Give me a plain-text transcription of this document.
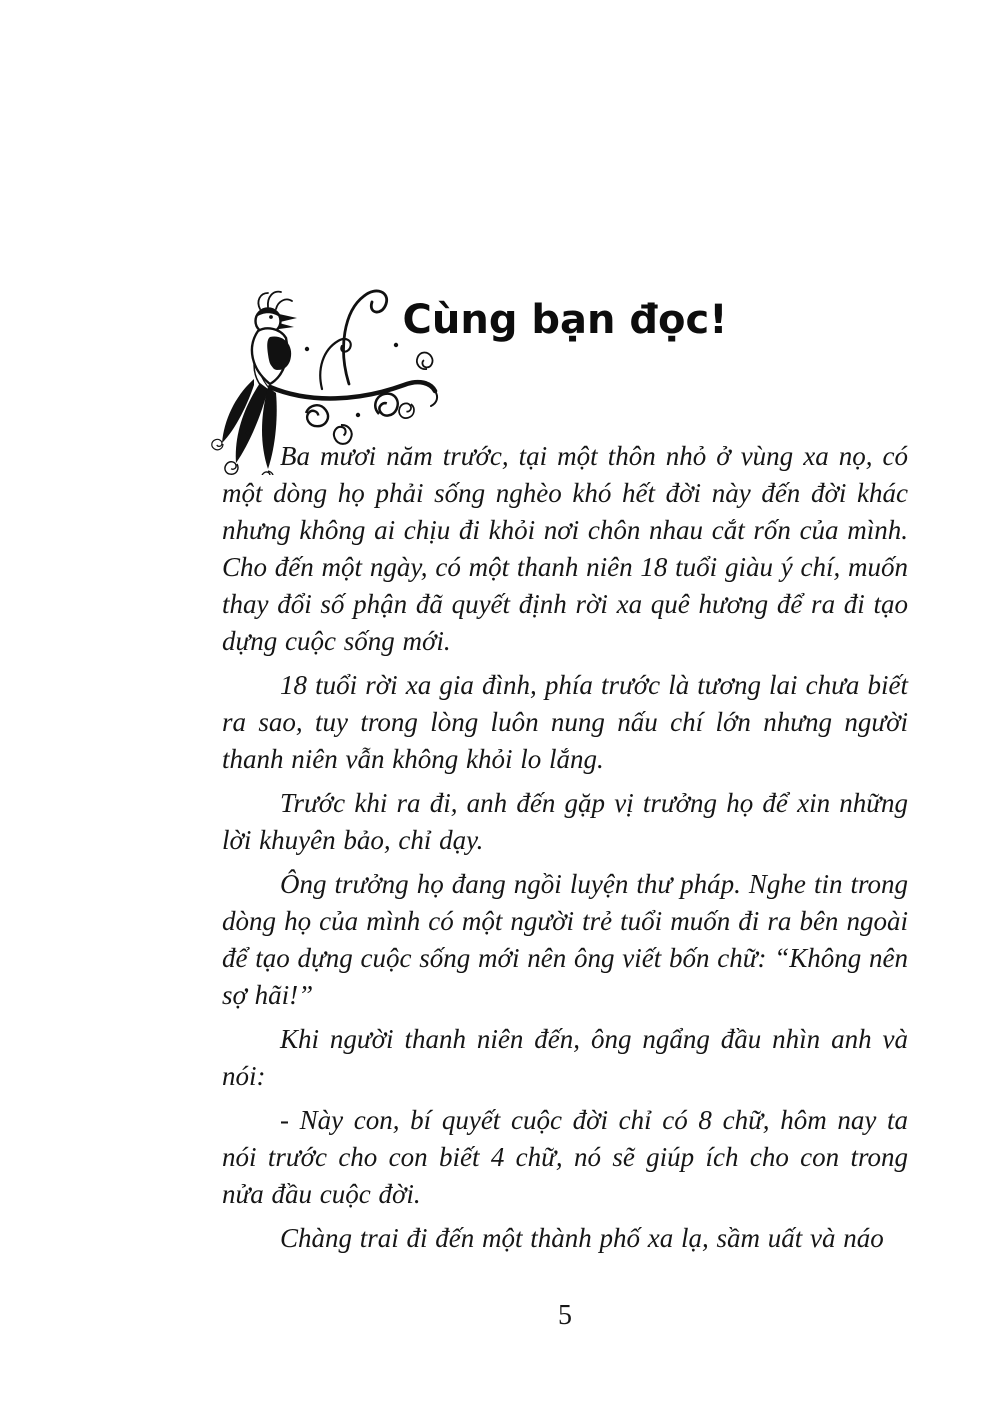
Cùng bạn đọc!

Ba mươi năm trước, tại một thôn nhỏ ở vùng xa nọ, có một dòng họ phải sống nghèo khó hết đời này đến đời khác nhưng không ai chịu đi khỏi nơi chôn nhau cắt rốn của mình. Cho đến một ngày, có một thanh niên 18 tuổi giàu ý chí, muốn thay đổi số phận đã quyết định rời xa quê hương để ra đi tạo dựng cuộc sống mới.

18 tuổi rời xa gia đình, phía trước là tương lai chưa biết ra sao, tuy trong lòng luôn nung nấu chí lớn nhưng người thanh niên vẫn không khỏi lo lắng.

Trước khi ra đi, anh đến gặp vị trưởng họ để xin những lời khuyên bảo, chỉ dạy.

Ông trưởng họ đang ngồi luyện thư pháp. Nghe tin trong dòng họ của mình có một người trẻ tuổi muốn đi ra bên ngoài để tạo dựng cuộc sống mới nên ông viết bốn chữ: “Không nên sợ hãi!”

Khi người thanh niên đến, ông ngẩng đầu nhìn anh và nói:

- Này con, bí quyết cuộc đời chỉ có 8 chữ, hôm nay ta nói trước cho con biết 4 chữ, nó sẽ giúp ích cho con trong nửa đầu cuộc đời.

Chàng trai đi đến một thành phố xa lạ, sầm uất và náo

5
